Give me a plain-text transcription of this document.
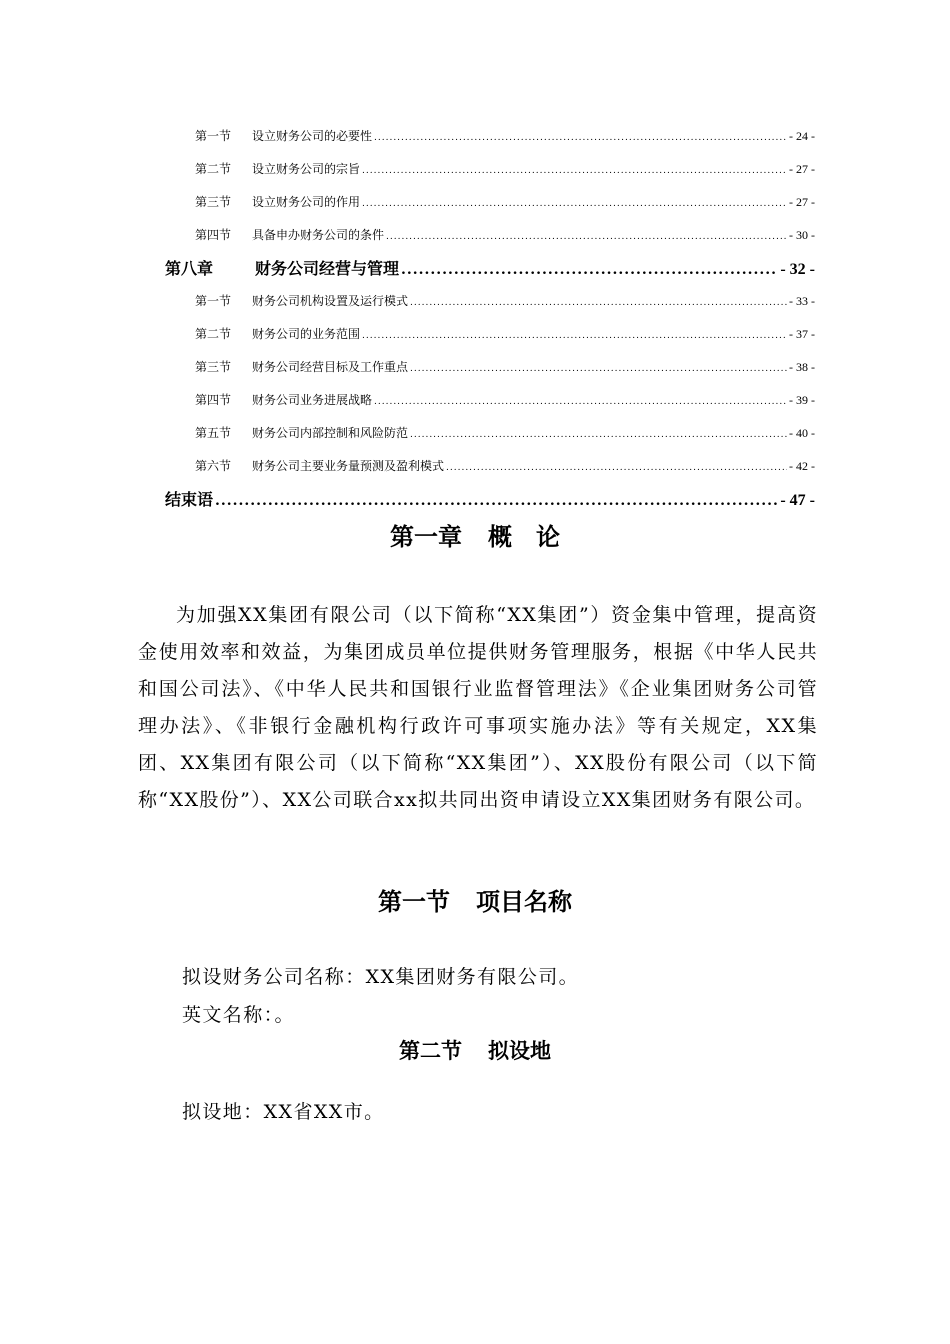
第一节	设立财务公司的必要性 .....	- 24 -
第二节	设立财务公司的宗旨 .....	- 27 -
第三节	设立财务公司的作用 .....	- 27 -
第四节	具备申办财务公司的条件 .....	- 30 -
第八章	财务公司经营与管理 .....	- 32 -
第一节	财务公司机构设置及运行模式 .....	- 33 -
第二节	财务公司的业务范围 .....	- 37 -
第三节	财务公司经营目标及工作重点 .....	- 38 -
第四节	财务公司业务进展战略 .....	- 39 -
第五节	财务公司内部控制和风险防范 .....	- 40 -
第六节	财务公司主要业务量预测及盈利模式 .....	- 42 -
结束语 .....	- 47 -
第一章 概　论

为加强XX集团有限公司（以下简称“XX集团”）资金集中管理，提高资金使用效率和效益，为集团成员单位提供财务管理服务，根据《中华人民共和国公司法》、《中华人民共和国银行业监督管理法》《企业集团财务公司管理办法》、《非银行金融机构行政许可事项实施办法》等有关规定，XX集团、XX集团有限公司（以下简称“XX集团”）、XX股份有限公司（以下简称“XX股份”）、XX公司联合xx拟共同出资申请设立XX集团财务有限公司。

第一节 项目名称
拟设财务公司名称：XX集团财务有限公司。
英文名称：。
第二节 拟设地
拟设地：XX省XX市。
